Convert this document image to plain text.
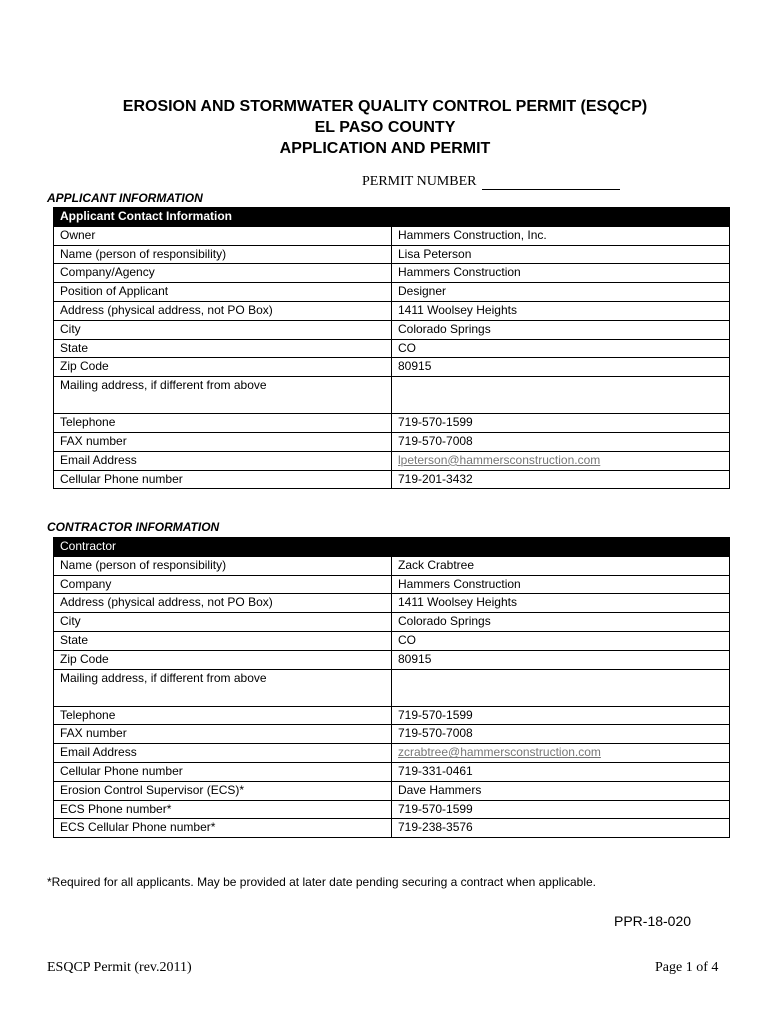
EROSION AND STORMWATER QUALITY CONTROL PERMIT (ESQCP)
EL PASO COUNTY
APPLICATION AND PERMIT
PERMIT NUMBER
APPLICANT INFORMATION
Applicant Contact Information	
Owner	Hammers Construction, Inc.
Name (person of responsibility)	Lisa Peterson
Company/Agency	Hammers Construction
Position of Applicant	Designer
Address (physical address, not PO Box)	1411 Woolsey Heights
City	Colorado Springs
State	CO
Zip Code	80915
Mailing address, if different from above	
Telephone	719-570-1599
FAX number	719-570-7008
Email Address	lpeterson@hammersconstruction.com
Cellular Phone number	719-201-3432
CONTRACTOR INFORMATION
Contractor	
Name (person of responsibility)	Zack Crabtree
Company	Hammers Construction
Address (physical address, not PO Box)	1411 Woolsey Heights
City	Colorado Springs
State	CO
Zip Code	80915
Mailing address, if different from above	
Telephone	719-570-1599
FAX number	719-570-7008
Email Address	zcrabtree@hammersconstruction.com
Cellular Phone number	719-331-0461
Erosion Control Supervisor (ECS)*	Dave Hammers
ECS Phone number*	719-570-1599
ECS Cellular Phone number*	719-238-3576
*Required for all applicants. May be provided at later date pending securing a contract when applicable.
PPR-18-020
ESQCP Permit (rev.2011)	Page 1 of 4
